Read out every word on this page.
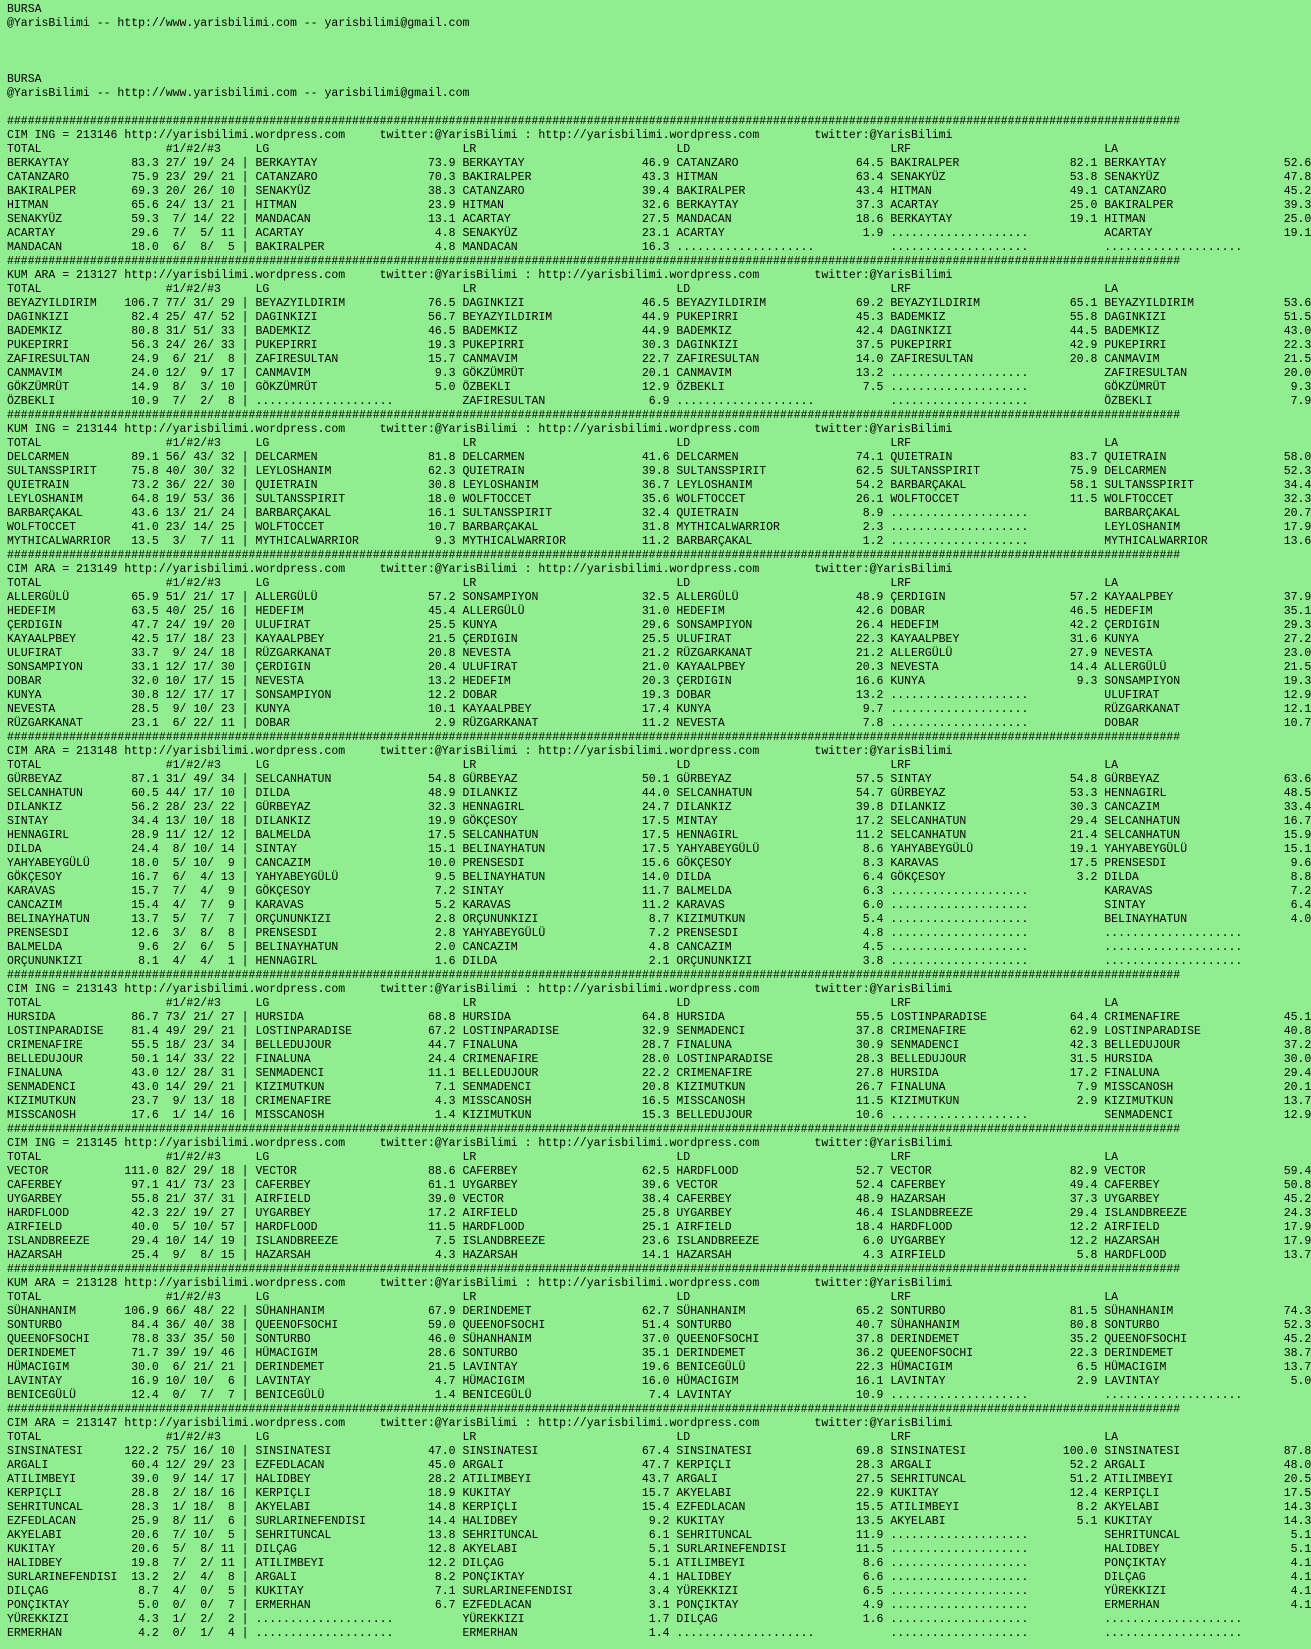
BURSA
@YarisBilimi -- http://www.yarisbilimi.com -- yarisbilimi@gmail.com
BURSA
@YarisBilimi -- http://www.yarisbilimi.com -- yarisbilimi@gmail.com
##########################################################################################################################################################################
CIM ING = 213146 http://yarisbilimi.wordpress.com     twitter:@YarisBilimi : http://yarisbilimi.wordpress.com        twitter:@YarisBilimi
TOTAL                  #1/#2/#3     LG                            LR                             LD                             LRF                            LA
BERKAYTAY         83.3 27/ 19/ 24 | BERKAYTAY                73.9 BERKAYTAY                 46.9 CATANZARO                 64.5 BAKIRALPER                82.1 BERKAYTAY                 52.6
CATANZARO         75.9 23/ 29/ 21 | CATANZARO                70.3 BAKIRALPER                43.3 HITMAN                    63.4 SENAKYÜZ                  53.8 SENAKYÜZ                  47.8
BAKIRALPER        69.3 20/ 26/ 10 | SENAKYÜZ                 38.3 CATANZARO                 39.4 BAKIRALPER                43.4 HITMAN                    49.1 CATANZARO                 45.2
HITMAN            65.6 24/ 13/ 21 | HITMAN                   23.9 HITMAN                    32.6 BERKAYTAY                 37.3 ACARTAY                   25.0 BAKIRALPER                39.3
SENAKYÜZ          59.3  7/ 14/ 22 | MANDACAN                 13.1 ACARTAY                   27.5 MANDACAN                  18.6 BERKAYTAY                 19.1 HITMAN                    25.0
ACARTAY           29.6  7/  5/ 11 | ACARTAY                   4.8 SENAKYÜZ                  23.1 ACARTAY                    1.9 ....................           ACARTAY                   19.1
MANDACAN          18.0  6/  8/  5 | BAKIRALPER                4.8 MANDACAN                  16.3 ....................           ....................           ....................
##########################################################################################################################################################################
KUM ARA = 213127 http://yarisbilimi.wordpress.com     twitter:@YarisBilimi : http://yarisbilimi.wordpress.com        twitter:@YarisBilimi
TOTAL                  #1/#2/#3     LG                            LR                             LD                             LRF                            LA
BEYAZYILDIRIM    106.7 77/ 31/ 29 | BEYAZYILDIRIM            76.5 DAGINKIZI                 46.5 BEYAZYILDIRIM             69.2 BEYAZYILDIRIM             65.1 BEYAZYILDIRIM             53.6
DAGINKIZI         82.4 25/ 47/ 52 | DAGINKIZI                56.7 BEYAZYILDIRIM             44.9 PUKEPIRRI                 45.3 BADEMKIZ                  55.8 DAGINKIZI                 51.5
BADEMKIZ          80.8 31/ 51/ 33 | BADEMKIZ                 46.5 BADEMKIZ                  44.9 BADEMKIZ                  42.4 DAGINKIZI                 44.5 BADEMKIZ                  43.0
PUKEPIRRI         56.3 24/ 26/ 33 | PUKEPIRRI                19.3 PUKEPIRRI                 30.3 DAGINKIZI                 37.5 PUKEPIRRI                 42.9 PUKEPIRRI                 22.3
ZAFIRESULTAN      24.9  6/ 21/  8 | ZAFIRESULTAN             15.7 CANMAVIM                  22.7 ZAFIRESULTAN              14.0 ZAFIRESULTAN              20.8 CANMAVIM                  21.5
CANMAVIM          24.0 12/  9/ 17 | CANMAVIM                  9.3 GÖKZÜMRÜT                 20.1 CANMAVIM                  13.2 ....................           ZAFIRESULTAN              20.0
GÖKZÜMRÜT         14.9  8/  3/ 10 | GÖKZÜMRÜT                 5.0 ÖZBEKLI                   12.9 ÖZBEKLI                    7.5 ....................           GÖKZÜMRÜT                  9.3
ÖZBEKLI           10.9  7/  2/  8 | ....................          ZAFIRESULTAN               6.9 ....................           ....................           ÖZBEKLI                    7.9
##########################################################################################################################################################################
KUM ING = 213144 http://yarisbilimi.wordpress.com     twitter:@YarisBilimi : http://yarisbilimi.wordpress.com        twitter:@YarisBilimi
TOTAL                  #1/#2/#3     LG                            LR                             LD                             LRF                            LA
DELCARMEN         89.1 56/ 43/ 32 | DELCARMEN                81.8 DELCARMEN                 41.6 DELCARMEN                 74.1 QUIETRAIN                 83.7 QUIETRAIN                 58.0
SULTANSSPIRIT     75.8 40/ 30/ 32 | LEYLOSHANIM              62.3 QUIETRAIN                 39.8 SULTANSSPIRIT             62.5 SULTANSSPIRIT             75.9 DELCARMEN                 52.3
QUIETRAIN         73.2 36/ 22/ 30 | QUIETRAIN                30.8 LEYLOSHANIM               36.7 LEYLOSHANIM               54.2 BARBARÇAKAL               58.1 SULTANSSPIRIT             34.4
LEYLOSHANIM       64.8 19/ 53/ 36 | SULTANSSPIRIT            18.0 WOLFTOCCET                35.6 WOLFTOCCET                26.1 WOLFTOCCET                11.5 WOLFTOCCET                32.3
BARBARÇAKAL       43.6 13/ 21/ 24 | BARBARÇAKAL              16.1 SULTANSSPIRIT             32.4 QUIETRAIN                  8.9 ....................           BARBARÇAKAL               20.7
WOLFTOCCET        41.0 23/ 14/ 25 | WOLFTOCCET               10.7 BARBARÇAKAL               31.8 MYTHICALWARRIOR            2.3 ....................           LEYLOSHANIM               17.9
MYTHICALWARRIOR   13.5  3/  7/ 11 | MYTHICALWARRIOR           9.3 MYTHICALWARRIOR           11.2 BARBARÇAKAL                1.2 ....................           MYTHICALWARRIOR           13.6
##########################################################################################################################################################################
CIM ARA = 213149 http://yarisbilimi.wordpress.com     twitter:@YarisBilimi : http://yarisbilimi.wordpress.com        twitter:@YarisBilimi
TOTAL                  #1/#2/#3     LG                            LR                             LD                             LRF                            LA
ALLERGÜLÜ         65.9 51/ 21/ 17 | ALLERGÜLÜ                57.2 SONSAMPIYON               32.5 ALLERGÜLÜ                 48.9 ÇERDIGIN                  57.2 KAYAALPBEY                37.9
HEDEFIM           63.5 40/ 25/ 16 | HEDEFIM                  45.4 ALLERGÜLÜ                 31.0 HEDEFIM                   42.6 DOBAR                     46.5 HEDEFIM                   35.1
ÇERDIGIN          47.7 24/ 19/ 20 | ULUFIRAT                 25.5 KUNYA                     29.6 SONSAMPIYON               26.4 HEDEFIM                   42.2 ÇERDIGIN                  29.3
KAYAALPBEY        42.5 17/ 18/ 23 | KAYAALPBEY               21.5 ÇERDIGIN                  25.5 ULUFIRAT                  22.3 KAYAALPBEY                31.6 KUNYA                     27.2
ULUFIRAT          33.7  9/ 24/ 18 | RÜZGARKANAT              20.8 NEVESTA                   21.2 RÜZGARKANAT               21.2 ALLERGÜLÜ                 27.9 NEVESTA                   23.0
SONSAMPIYON       33.1 12/ 17/ 30 | ÇERDIGIN                 20.4 ULUFIRAT                  21.0 KAYAALPBEY                20.3 NEVESTA                   14.4 ALLERGÜLÜ                 21.5
DOBAR             32.0 10/ 17/ 15 | NEVESTA                  13.2 HEDEFIM                   20.3 ÇERDIGIN                  16.6 KUNYA                      9.3 SONSAMPIYON               19.3
KUNYA             30.8 12/ 17/ 17 | SONSAMPIYON              12.2 DOBAR                     19.3 DOBAR                     13.2 ....................           ULUFIRAT                  12.9
NEVESTA           28.5  9/ 10/ 23 | KUNYA                    10.1 KAYAALPBEY                17.4 KUNYA                      9.7 ....................           RÜZGARKANAT               12.1
RÜZGARKANAT       23.1  6/ 22/ 11 | DOBAR                     2.9 RÜZGARKANAT               11.2 NEVESTA                    7.8 ....................           DOBAR                     10.7
##########################################################################################################################################################################
CIM ARA = 213148 http://yarisbilimi.wordpress.com     twitter:@YarisBilimi : http://yarisbilimi.wordpress.com        twitter:@YarisBilimi
TOTAL                  #1/#2/#3     LG                            LR                             LD                             LRF                            LA
GÜRBEYAZ          87.1 31/ 49/ 34 | SELCANHATUN              54.8 GÜRBEYAZ                  50.1 GÜRBEYAZ                  57.5 SINTAY                    54.8 GÜRBEYAZ                  63.6
SELCANHATUN       60.5 44/ 17/ 10 | DILDA                    48.9 DILANKIZ                  44.0 SELCANHATUN               54.7 GÜRBEYAZ                  53.3 HENNAGIRL                 48.5
DILANKIZ          56.2 28/ 23/ 22 | GÜRBEYAZ                 32.3 HENNAGIRL                 24.7 DILANKIZ                  39.8 DILANKIZ                  30.3 CANCAZIM                  33.4
SINTAY            34.4 13/ 10/ 18 | DILANKIZ                 19.9 GÖKÇESOY                  17.5 MINTAY                    17.2 SELCANHATUN               29.4 SELCANHATUN               16.7
HENNAGIRL         28.9 11/ 12/ 12 | BALMELDA                 17.5 SELCANHATUN               17.5 HENNAGIRL                 11.2 SELCANHATUN               21.4 SELCANHATUN               15.9
DILDA             24.4  8/ 10/ 14 | SINTAY                   15.1 BELINAYHATUN              17.5 YAHYABEYGÜLÜ               8.6 YAHYABEYGÜLÜ              19.1 YAHYABEYGÜLÜ              15.1
YAHYABEYGÜLÜ      18.0  5/ 10/  9 | CANCAZIM                 10.0 PRENSESDI                 15.6 GÖKÇESOY                   8.3 KARAVAS                   17.5 PRENSESDI                  9.6
GÖKÇESOY          16.7  6/  4/ 13 | YAHYABEYGÜLÜ              9.5 BELINAYHATUN              14.0 DILDA                      6.4 GÖKÇESOY                   3.2 DILDA                      8.8
KARAVAS           15.7  7/  4/  9 | GÖKÇESOY                  7.2 SINTAY                    11.7 BALMELDA                   6.3 ....................           KARAVAS                    7.2
CANCAZIM          15.4  4/  7/  9 | KARAVAS                   5.2 KARAVAS                   11.2 KARAVAS                    6.0 ....................           SINTAY                     6.4
BELINAYHATUN      13.7  5/  7/  7 | ORÇUNUNKIZI               2.8 ORÇUNUNKIZI                8.7 KIZIMUTKUN                 5.4 ....................           BELINAYHATUN               4.0
PRENSESDI         12.6  3/  8/  8 | PRENSESDI                 2.8 YAHYABEYGÜLÜ               7.2 PRENSESDI                  4.8 ....................           ....................
BALMELDA           9.6  2/  6/  5 | BELINAYHATUN              2.0 CANCAZIM                   4.8 CANCAZIM                   4.5 ....................           ....................
ORÇUNUNKIZI        8.1  4/  4/  1 | HENNAGIRL                 1.6 DILDA                      2.1 ORÇUNUNKIZI                3.8 ....................           ....................
##########################################################################################################################################################################
CIM ING = 213143 http://yarisbilimi.wordpress.com     twitter:@YarisBilimi : http://yarisbilimi.wordpress.com        twitter:@YarisBilimi
TOTAL                  #1/#2/#3     LG                            LR                             LD                             LRF                            LA
HURSIDA           86.7 73/ 21/ 27 | HURSIDA                  68.8 HURSIDA                   64.8 HURSIDA                   55.5 LOSTINPARADISE            64.4 CRIMENAFIRE               45.1
LOSTINPARADISE    81.4 49/ 29/ 21 | LOSTINPARADISE           67.2 LOSTINPARADISE            32.9 SENMADENCI                37.8 CRIMENAFIRE               62.9 LOSTINPARADISE            40.8
CRIMENAFIRE       55.5 18/ 23/ 34 | BELLEDUJOUR              44.7 FINALUNA                  28.7 FINALUNA                  30.9 SENMADENCI                42.3 BELLEDUJOUR               37.2
BELLEDUJOUR       50.1 14/ 33/ 22 | FINALUNA                 24.4 CRIMENAFIRE               28.0 LOSTINPARADISE            28.3 BELLEDUJOUR               31.5 HURSIDA                   30.0
FINALUNA          43.0 12/ 28/ 31 | SENMADENCI               11.1 BELLEDUJOUR               22.2 CRIMENAFIRE               27.8 HURSIDA                   17.2 FINALUNA                  29.4
SENMADENCI        43.0 14/ 29/ 21 | KIZIMUTKUN                7.1 SENMADENCI                20.8 KIZIMUTKUN                26.7 FINALUNA                   7.9 MISSCANOSH                20.1
KIZIMUTKUN        23.7  9/ 13/ 18 | CRIMENAFIRE               4.3 MISSCANOSH                16.5 MISSCANOSH                11.5 KIZIMUTKUN                 2.9 KIZIMUTKUN                13.7
MISSCANOSH        17.6  1/ 14/ 16 | MISSCANOSH                1.4 KIZIMUTKUN                15.3 BELLEDUJOUR               10.6 ....................           SENMADENCI                12.9
##########################################################################################################################################################################
CIM ING = 213145 http://yarisbilimi.wordpress.com     twitter:@YarisBilimi : http://yarisbilimi.wordpress.com        twitter:@YarisBilimi
TOTAL                  #1/#2/#3     LG                            LR                             LD                             LRF                            LA
VECTOR           111.0 82/ 29/ 18 | VECTOR                   88.6 CAFERBEY                  62.5 HARDFLOOD                 52.7 VECTOR                    82.9 VECTOR                    59.4
CAFERBEY          97.1 41/ 73/ 23 | CAFERBEY                 61.1 UYGARBEY                  39.6 VECTOR                    52.4 CAFERBEY                  49.4 CAFERBEY                  50.8
UYGARBEY          55.8 21/ 37/ 31 | AIRFIELD                 39.0 VECTOR                    38.4 CAFERBEY                  48.9 HAZARSAH                  37.3 UYGARBEY                  45.2
HARDFLOOD         42.3 22/ 19/ 27 | UYGARBEY                 17.2 AIRFIELD                  25.8 UYGARBEY                  46.4 ISLANDBREEZE              29.4 ISLANDBREEZE              24.3
AIRFIELD          40.0  5/ 10/ 57 | HARDFLOOD                11.5 HARDFLOOD                 25.1 AIRFIELD                  18.4 HARDFLOOD                 12.2 AIRFIELD                  17.9
ISLANDBREEZE      29.4 10/ 14/ 19 | ISLANDBREEZE              7.5 ISLANDBREEZE              23.6 ISLANDBREEZE               6.0 UYGARBEY                  12.2 HAZARSAH                  17.9
HAZARSAH          25.4  9/  8/ 15 | HAZARSAH                  4.3 HAZARSAH                  14.1 HAZARSAH                   4.3 AIRFIELD                   5.8 HARDFLOOD                 13.7
##########################################################################################################################################################################
KUM ARA = 213128 http://yarisbilimi.wordpress.com     twitter:@YarisBilimi : http://yarisbilimi.wordpress.com        twitter:@YarisBilimi
TOTAL                  #1/#2/#3     LG                            LR                             LD                             LRF                            LA
SÜHANHANIM       106.9 66/ 48/ 22 | SÜHANHANIM               67.9 DERINDEMET                62.7 SÜHANHANIM                65.2 SONTURBO                  81.5 SÜHANHANIM                74.3
SONTURBO          84.4 36/ 40/ 38 | QUEENOFSOCHI             59.0 QUEENOFSOCHI              51.4 SONTURBO                  40.7 SÜHANHANIM                80.8 SONTURBO                  52.3
QUEENOFSOCHI      78.8 33/ 35/ 50 | SONTURBO                 46.0 SÜHANHANIM                37.0 QUEENOFSOCHI              37.8 DERINDEMET                35.2 QUEENOFSOCHI              45.2
DERINDEMET        71.7 39/ 19/ 46 | HÜMACIGIM                28.6 SONTURBO                  35.1 DERINDEMET                36.2 QUEENOFSOCHI              22.3 DERINDEMET                38.7
HÜMACIGIM         30.0  6/ 21/ 21 | DERINDEMET               21.5 LAVINTAY                  19.6 BENICEGÜLÜ                22.3 HÜMACIGIM                  6.5 HÜMACIGIM                 13.7
LAVINTAY          16.9 10/ 10/  6 | LAVINTAY                  4.7 HÜMACIGIM                 16.0 HÜMACIGIM                 16.1 LAVINTAY                   2.9 LAVINTAY                   5.0
BENICEGÜLÜ        12.4  0/  7/  7 | BENICEGÜLÜ                1.4 BENICEGÜLÜ                 7.4 LAVINTAY                  10.9 ....................           ....................
##########################################################################################################################################################################
CIM ARA = 213147 http://yarisbilimi.wordpress.com     twitter:@YarisBilimi : http://yarisbilimi.wordpress.com        twitter:@YarisBilimi
TOTAL                  #1/#2/#3     LG                            LR                             LD                             LRF                            LA
SINSINATESI      122.2 75/ 16/ 10 | SINSINATESI              47.0 SINSINATESI               67.4 SINSINATESI               69.8 SINSINATESI              100.0 SINSINATESI               87.8
ARGALI            60.4 12/ 29/ 23 | EZFEDLACAN               45.0 ARGALI                    47.7 KERPIÇLI                  28.3 ARGALI                    52.2 ARGALI                    48.0
ATILIMBEYI        39.0  9/ 14/ 17 | HALIDBEY                 28.2 ATILIMBEYI                43.7 ARGALI                    27.5 SEHRITUNCAL               51.2 ATILIMBEYI                20.5
KERPIÇLI          28.8  2/ 18/ 16 | KERPIÇLI                 18.9 KUKITAY                   15.7 AKYELABI                  22.9 KUKITAY                   12.4 KERPIÇLI                  17.5
SEHRITUNCAL       28.3  1/ 18/  8 | AKYELABI                 14.8 KERPIÇLI                  15.4 EZFEDLACAN                15.5 ATILIMBEYI                 8.2 AKYELABI                  14.3
EZFEDLACAN        25.9  8/ 11/  6 | SURLARINEFENDISI         14.4 HALIDBEY                   9.2 KUKITAY                   13.5 AKYELABI                   5.1 KUKITAY                   14.3
AKYELABI          20.6  7/ 10/  5 | SEHRITUNCAL              13.8 SEHRITUNCAL                6.1 SEHRITUNCAL               11.9 ....................           SEHRITUNCAL                5.1
KUKITAY           20.6  5/  8/ 11 | DILÇAG                   12.8 AKYELABI                   5.1 SURLARINEFENDISI          11.5 ....................           HALIDBEY                   5.1
HALIDBEY          19.8  7/  2/ 11 | ATILIMBEYI               12.2 DILÇAG                     5.1 ATILIMBEYI                 8.6 ....................           PONÇIKTAY                  4.1
SURLARINEFENDISI  13.2  2/  4/  8 | ARGALI                    8.2 PONÇIKTAY                  4.1 HALIDBEY                   6.6 ....................           DILÇAG                     4.1
DILÇAG             8.7  4/  0/  5 | KUKITAY                   7.1 SURLARINEFENDISI           3.4 YÜREKKIZI                  6.5 ....................           YÜREKKIZI                  4.1
PONÇIKTAY          5.0  0/  0/  7 | ERMERHAN                  6.7 EZFEDLACAN                 3.1 PONÇIKTAY                  4.9 ....................           ERMERHAN                   4.1
YÜREKKIZI          4.3  1/  2/  2 | ....................          YÜREKKIZI                  1.7 DILÇAG                     1.6 ....................           ....................
ERMERHAN           4.2  0/  1/  4 | ....................          ERMERHAN                   1.4 ....................           ....................           ....................
